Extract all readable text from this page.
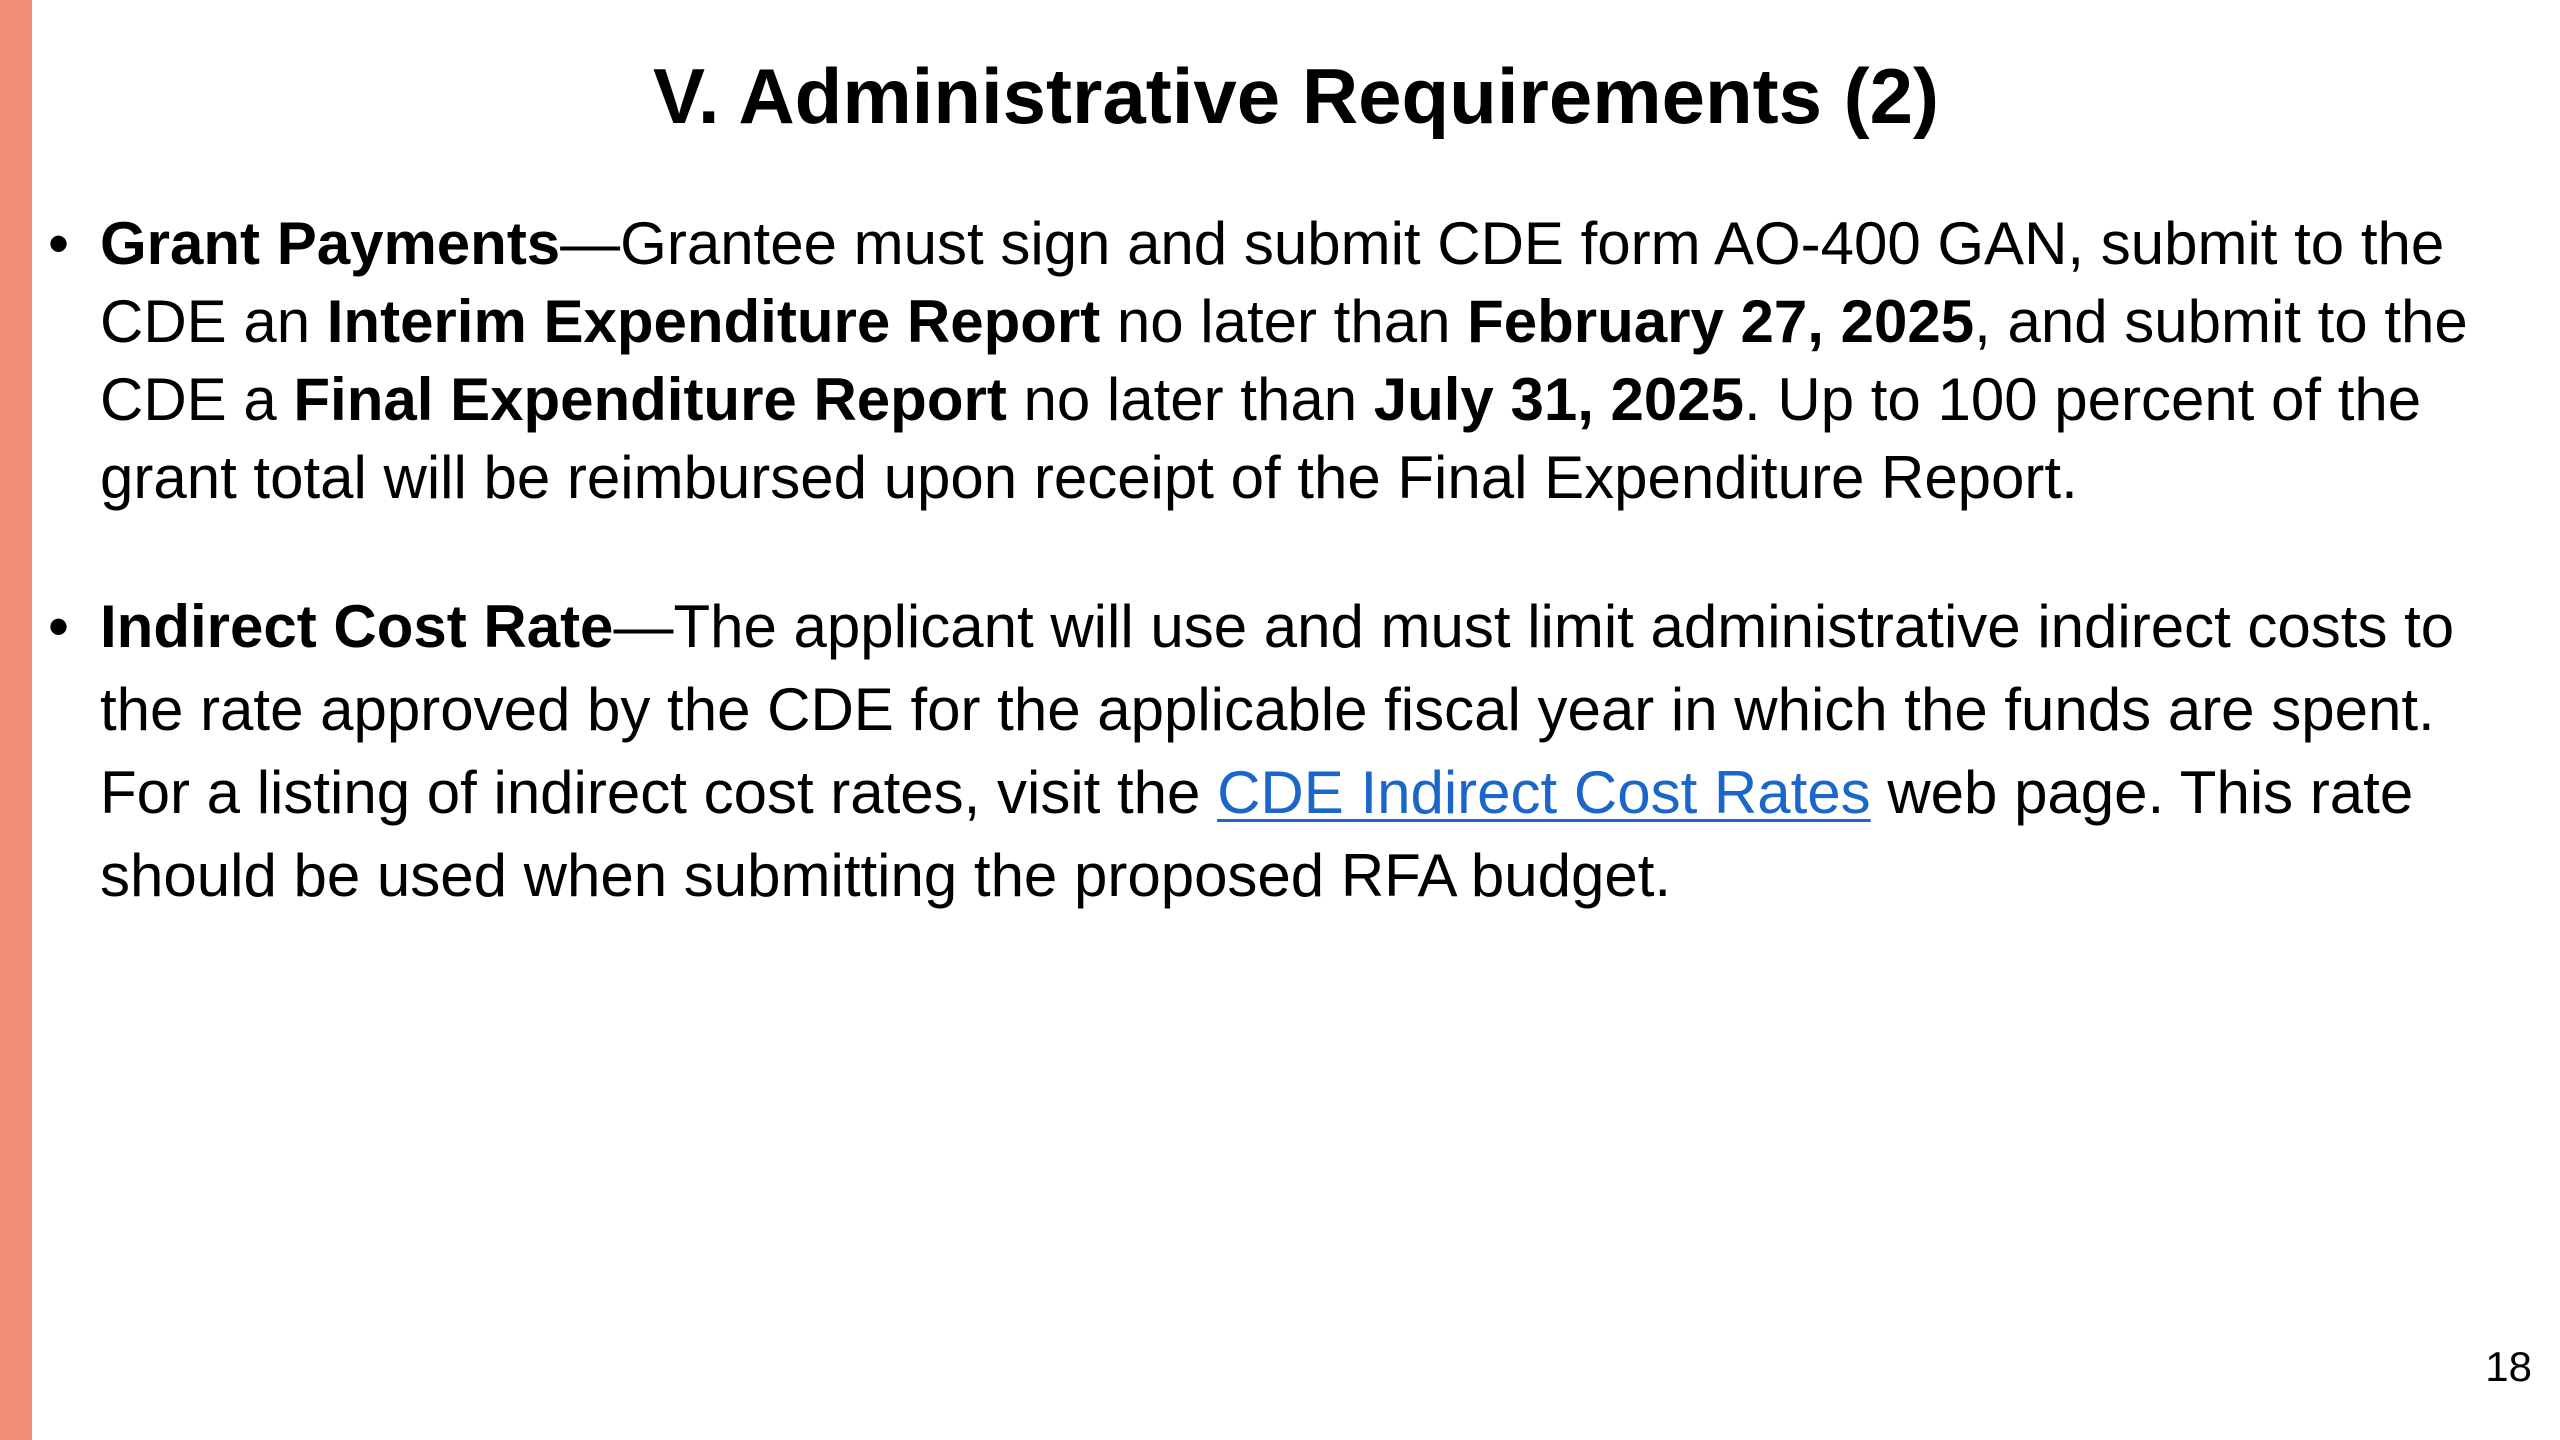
V. Administrative Requirements (2)
• Grant Payments—Grantee must sign and submit CDE form AO-400 GAN, submit to the CDE an Interim Expenditure Report no later than February 27, 2025, and submit to the CDE a Final Expenditure Report no later than July 31, 2025. Up to 100 percent of the grant total will be reimbursed upon receipt of the Final Expenditure Report.
• Indirect Cost Rate—The applicant will use and must limit administrative indirect costs to the rate approved by the CDE for the applicable fiscal year in which the funds are spent. For a listing of indirect cost rates, visit the CDE Indirect Cost Rates web page. This rate should be used when submitting the proposed RFA budget.
18
